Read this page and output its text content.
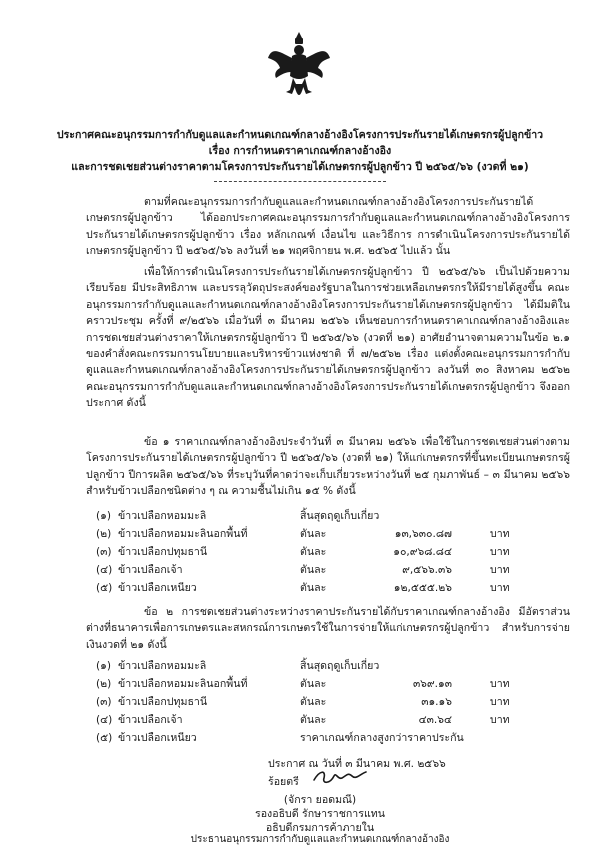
ประกาศคณะอนุกรรมการกำกับดูแลและกำหนดเกณฑ์กลางอ้างอิงโครงการประกันรายได้เกษตรกรผู้ปลูกข้าว
เรื่อง การกำหนดราคาเกณฑ์กลางอ้างอิง
และการชดเชยส่วนต่างราคาตามโครงการประกันรายได้เกษตรกรผู้ปลูกข้าว ปี ๒๕๖๕/๖๖ (งวดที่ ๒๑)
ตามที่คณะอนุกรรมการกำกับดูแลและกำหนดเกณฑ์กลางอ้างอิงโครงการประกันรายได้เกษตรกรผู้ปลูกข้าว ได้ออกประกาศคณะอนุกรรมการกำกับดูแลและกำหนดเกณฑ์กลางอ้างอิงโครงการประกันรายได้เกษตรกรผู้ปลูกข้าว เรื่อง หลักเกณฑ์ เงื่อนไข และวิธีการ การดำเนินโครงการประกันรายได้เกษตรกรผู้ปลูกข้าว ปี ๒๕๖๕/๖๖ ลงวันที่ ๒๑ พฤศจิกายน พ.ศ. ๒๕๖๕ ไปแล้ว นั้น
เพื่อให้การดำเนินโครงการประกันรายได้เกษตรกรผู้ปลูกข้าว ปี ๒๕๖๕/๖๖ เป็นไปด้วยความเรียบร้อย มีประสิทธิภาพ และบรรลุวัตถุประสงค์ของรัฐบาลในการช่วยเหลือเกษตรกรให้มีรายได้สูงขึ้น คณะอนุกรรมการกำกับดูแลและกำหนดเกณฑ์กลางอ้างอิงโครงการประกันรายได้เกษตรกรผู้ปลูกข้าว ได้มีมติในคราวประชุม ครั้งที่ ๙/๒๕๖๖ เมื่อวันที่ ๓ มีนาคม ๒๕๖๖ เห็นชอบการกำหนดราคาเกณฑ์กลางอ้างอิงและการชดเชยส่วนต่างราคาให้เกษตรกรผู้ปลูกข้าว ปี ๒๕๖๕/๖๖ (งวดที่ ๒๑) อาศัยอำนาจตามความในข้อ ๒.๑ ของคำสั่งคณะกรรมการนโยบายและบริหารข้าวแห่งชาติ ที่ ๗/๒๕๖๒ เรื่อง แต่งตั้งคณะอนุกรรมการกำกับดูแลและกำหนดเกณฑ์กลางอ้างอิงโครงการประกันรายได้เกษตรกรผู้ปลูกข้าว ลงวันที่ ๓๐ สิงหาคม ๒๕๖๒ คณะอนุกรรมการกำกับดูแลและกำหนดเกณฑ์กลางอ้างอิงโครงการประกันรายได้เกษตรกรผู้ปลูกข้าว จึงออกประกาศ ดังนี้
ข้อ ๑ ราคาเกณฑ์กลางอ้างอิงประจำวันที่ ๓ มีนาคม ๒๕๖๖ เพื่อใช้ในการชดเชยส่วนต่างตามโครงการประกันรายได้เกษตรกรผู้ปลูกข้าว ปี ๒๕๖๕/๖๖ (งวดที่ ๒๑) ให้แก่เกษตรกรที่ขึ้นทะเบียนเกษตรกรผู้ปลูกข้าว ปีการผลิต ๒๕๖๕/๖๖ ที่ระบุวันที่คาดว่าจะเก็บเกี่ยวระหว่างวันที่ ๒๕ กุมภาพันธ์ – ๓ มีนาคม ๒๕๖๖ สำหรับข้าวเปลือกชนิดต่าง ๆ ณ ความชื้นไม่เกิน ๑๕ % ดังนี้
(๑) ข้าวเปลือกหอมมะลิ	สิ้นสุดฤดูเก็บเกี่ยว
(๒) ข้าวเปลือกหอมมะลินอกพื้นที่	ตันละ	๑๓,๖๓๐.๘๗	บาท
(๓) ข้าวเปลือกปทุมธานี	ตันละ	๑๐,๙๖๘.๘๔	บาท
(๔) ข้าวเปลือกเจ้า	ตันละ	๙,๕๖๖.๓๖	บาท
(๕) ข้าวเปลือกเหนียว	ตันละ	๑๒,๕๕๕.๒๖	บาท
ข้อ ๒ การชดเชยส่วนต่างระหว่างราคาประกันรายได้กับราคาเกณฑ์กลางอ้างอิง มีอัตราส่วนต่างที่ธนาคารเพื่อการเกษตรและสหกรณ์การเกษตรใช้ในการจ่ายให้แก่เกษตรกรผู้ปลูกข้าว สำหรับการจ่ายเงินงวดที่ ๒๑ ดังนี้
(๑) ข้าวเปลือกหอมมะลิ	สิ้นสุดฤดูเก็บเกี่ยว
(๒) ข้าวเปลือกหอมมะลินอกพื้นที่	ตันละ	๓๖๙.๑๓	บาท
(๓) ข้าวเปลือกปทุมธานี	ตันละ	๓๑.๑๖	บาท
(๔) ข้าวเปลือกเจ้า	ตันละ	๔๓.๖๔	บาท
(๕) ข้าวเปลือกเหนียว	ราคาเกณฑ์กลางสูงกว่าราคาประกัน
ประกาศ ณ วันที่ ๓ มีนาคม พ.ศ. ๒๕๖๖
ร้อยตรี
(จักรา ยอดมณี)
รองอธิบดี รักษาราชการแทน
อธิบดีกรมการค้าภายใน
ประธานอนุกรรมการกำกับดูแลและกำหนดเกณฑ์กลางอ้างอิง
